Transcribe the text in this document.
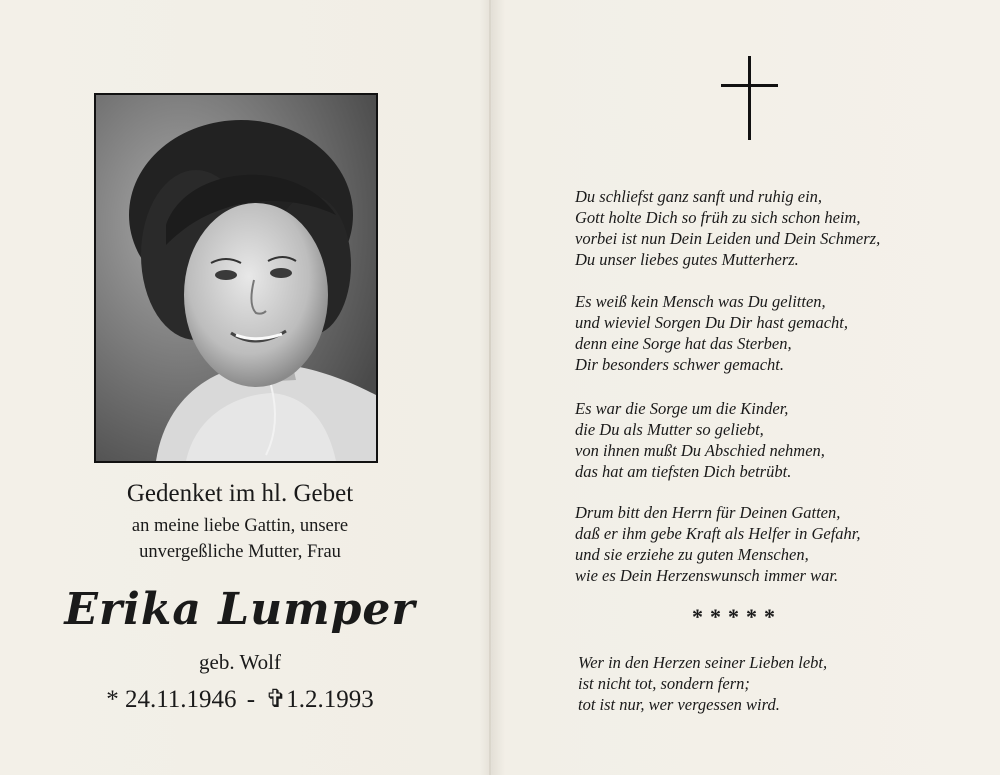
Gedenket im hl. Gebet
an meine liebe Gattin, unsere
unvergeßliche Mutter, Frau
Erika Lumper
geb. Wolf
* 24.11.1946 - ✞1.2.1993
Du schliefst ganz sanft und ruhig ein,
Gott holte Dich so früh zu sich schon heim,
vorbei ist nun Dein Leiden und Dein Schmerz,
Du unser liebes gutes Mutterherz.
Es weiß kein Mensch was Du gelitten,
und wieviel Sorgen Du Dir hast gemacht,
denn eine Sorge hat das Sterben,
Dir besonders schwer gemacht.
Es war die Sorge um die Kinder,
die Du als Mutter so geliebt,
von ihnen mußt Du Abschied nehmen,
das hat am tiefsten Dich betrübt.
Drum bitt den Herrn für Deinen Gatten,
daß er ihm gebe Kraft als Helfer in Gefahr,
und sie erziehe zu guten Menschen,
wie es Dein Herzenswunsch immer war.
*****
Wer in den Herzen seiner Lieben lebt,
ist nicht tot, sondern fern;
tot ist nur, wer vergessen wird.
